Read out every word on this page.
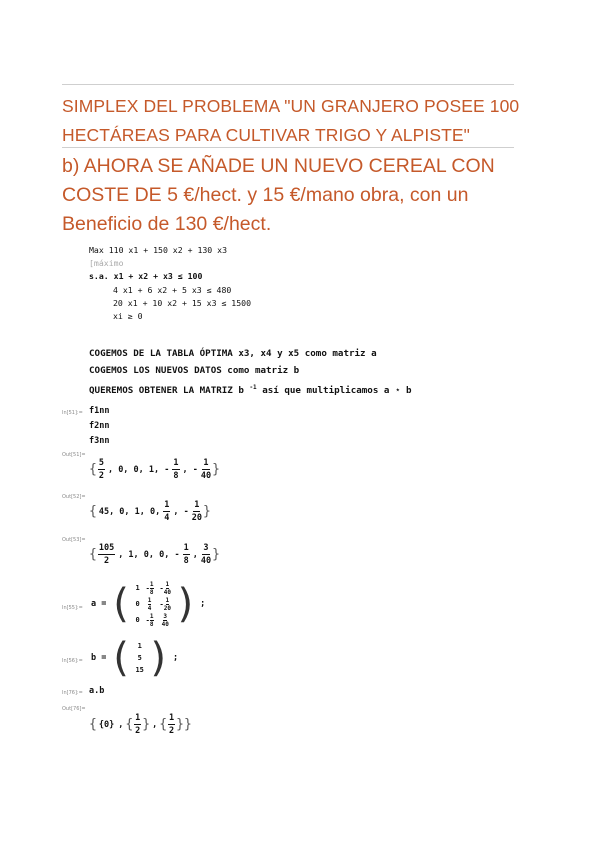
SIMPLEX DEL PROBLEMA "UN GRANJERO POSEE 100 HECTÁREAS PARA CULTIVAR TRIGO Y ALPISTE"
b) AHORA SE AÑADE UN NUEVO CEREAL CON COSTE DE 5 €/hect. y 15 €/mano obra, con un Beneficio de 130 €/hect.
Max 110 x1 + 150 x2 + 130 x3
[máximo
s.a. x1 + x2 + x3 ≤ 100
4 x1 + 6 x2 + 5 x3 ≤ 480
20 x1 + 10 x2 + 15 x3 ≤ 1500
xi ≥ 0
COGEMOS DE LA TABLA ÓPTIMA x3, x4 y x5 como matriz a
COGEMOS LOS NUEVOS DATOS como matriz b
QUEREMOS OBTENER LA MATRIZ b $^{-1}$ así que multiplicamos a ⋆ b
In[51]:= f1nn
f2nn
f3nn
Out[51]=
{ $\frac{5}{2}$ , 0, 0, 1, - $\frac{1}{8}$ , - $\frac{1}{40}$ }
Out[52]=
{ 45, 0, 1, 0, $\frac{1}{4}$ , - $\frac{1}{20}$ }
Out[53]=
{ $\frac{105}{2}$ , 1, 0, 0, - $\frac{1}{8}$ , $\frac{3}{40}$ }
In[55]:= a = ( 1	- $\frac{1}{8}$	- $\frac{1}{40}$

0	$\frac{1}{4}$	- $\frac{1}{20}$

0	- $\frac{1}{8}$	$\frac{3}{40}$ ) ;
In[56]:= b = ( 1
5
15 ) ;
In[76]:= a.b
Out[76]=
{ {0} , { $\frac{1}{2}$ } , { $\frac{1}{2}$ } }
